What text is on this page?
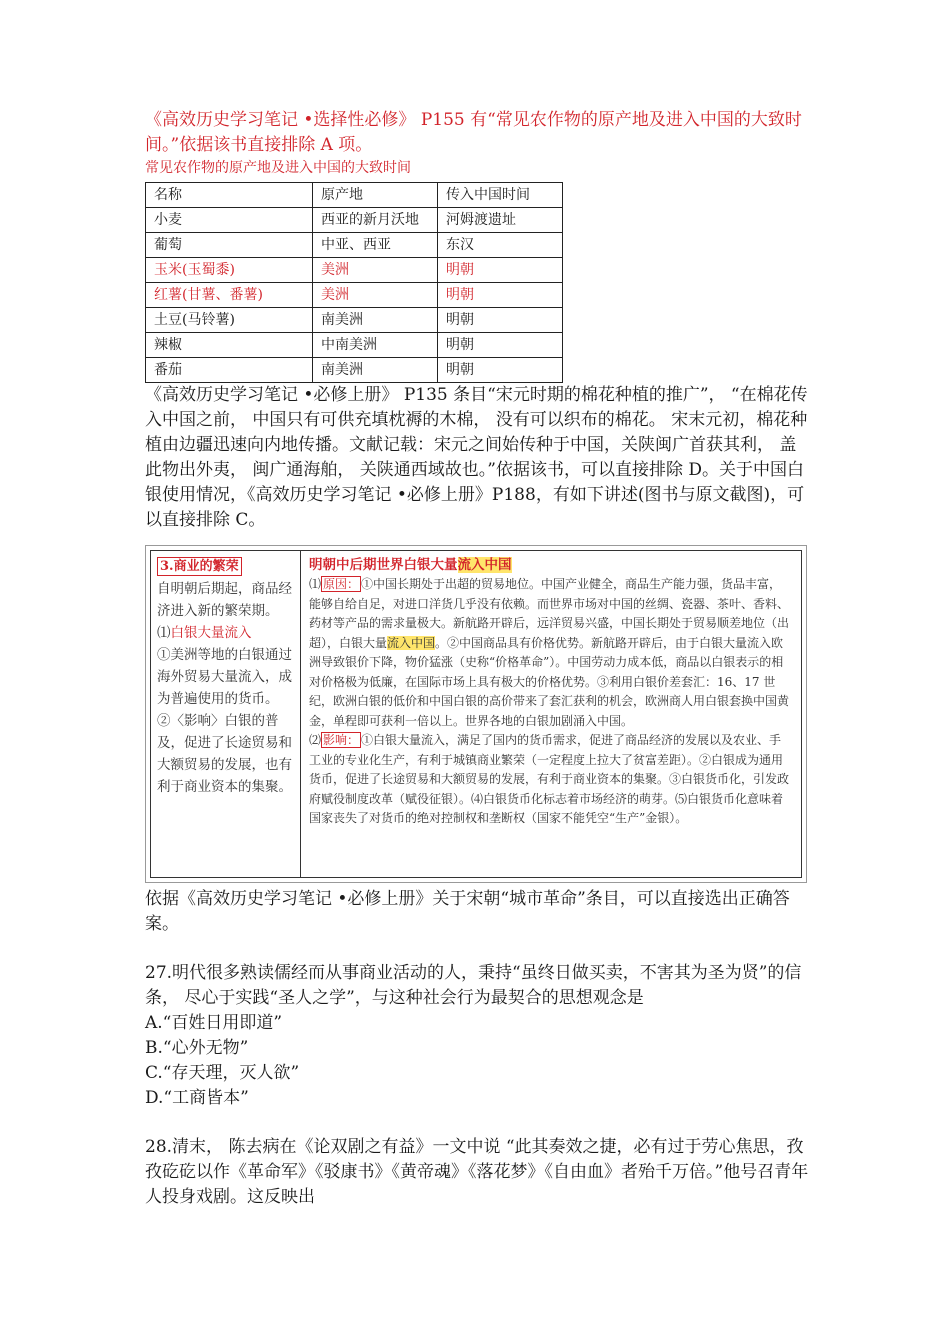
《高效历史学习笔记 •选择性必修》 P155 有“常见农作物的原产地及进入中国的大致时间。”依据该书直接排除 A 项。

常见农作物的原产地及进入中国的大致时间

名称	原产地	传入中国时间
小麦	西亚的新月沃地	河姆渡遗址
葡萄	中亚、西亚	东汉
玉米(玉蜀黍)	美洲	明朝
红薯(甘薯、番薯)	美洲	明朝
土豆(马铃薯)	南美洲	明朝
辣椒	中南美洲	明朝
番茄	南美洲	明朝

《高效历史学习笔记 •必修上册》 P135 条目“宋元时期的棉花种植的推广”， “在棉花传入中国之前， 中国只有可供充填枕褥的木棉， 没有可以织布的棉花。 宋末元初，棉花种植由边疆迅速向内地传播。文献记载：宋元之间始传种于中国，关陕闽广首获其利， 盖此物出外夷， 闽广通海舶， 关陕通西域故也。”依据该书，可以直接排除 D。关于中国白银使用情况，《高效历史学习笔记 •必修上册》P188，有如下讲述(图书与原文截图)，可以直接排除 C。

3.商业的繁荣
自明朝后期起，商品经济进入新的繁荣期。
⑴白银大量流入
①美洲等地的白银通过海外贸易大量流入，成为普遍使用的货币。
②〈影响〉白银的普及，促进了长途贸易和大额贸易的发展，也有利于商业资本的集聚。
明朝中后期世界白银大量流入中国
⑴ 原因： ①中国长期处于出超的贸易地位。中国产业健全，商品生产能力强，货品丰富，能够自给自足，对进口洋货几乎没有依赖。而世界市场对中国的丝绸、瓷器、茶叶、香料、药材等产品的需求量极大。新航路开辟后，远洋贸易兴盛，中国长期处于贸易顺差地位（出超），白银大量流入中国。②中国商品具有价格优势。新航路开辟后，由于白银大量流入欧洲导致银价下降，物价猛涨（史称“价格革命”）。中国劳动力成本低，商品以白银表示的相对价格极为低廉，在国际市场上具有极大的价格优势。③利用白银价差套汇：16、17 世纪，欧洲白银的低价和中国白银的高价带来了套汇获利的机会，欧洲商人用白银套换中国黄金，单程即可获利一倍以上。世界各地的白银加剧涌入中国。
⑵ 影响： ①白银大量流入，满足了国内的货币需求，促进了商品经济的发展以及农业、手工业的专业化生产，有利于城镇商业繁荣（一定程度上拉大了贫富差距）。②白银成为通用货币，促进了长途贸易和大额贸易的发展，有利于商业资本的集聚。③白银货币化，引发政府赋役制度改革（赋役征银）。⑷白银货币化标志着市场经济的萌芽。⑸白银货币化意味着国家丧失了对货币的绝对控制权和垄断权（国家不能凭空“生产”金银）。

依据《高效历史学习笔记 •必修上册》关于宋朝“城市革命”条目，可以直接选出正确答案。

27.明代很多熟读儒经而从事商业活动的人，秉持“虽终日做买卖，不害其为圣为贤”的信条， 尽心于实践“圣人之学”，与这种社会行为最契合的思想观念是

A.“百姓日用即道”

B.“心外无物”

C.“存天理，灭人欲”

D.“工商皆本”

28.清末， 陈去病在《论双剧之有益》一文中说 “此其奏效之捷，必有过于劳心焦思，孜孜矻矻以作《革命军》《驳康书》《黄帝魂》《落花梦》《自由血》者殆千万倍。”他号召青年人投身戏剧。这反映出
